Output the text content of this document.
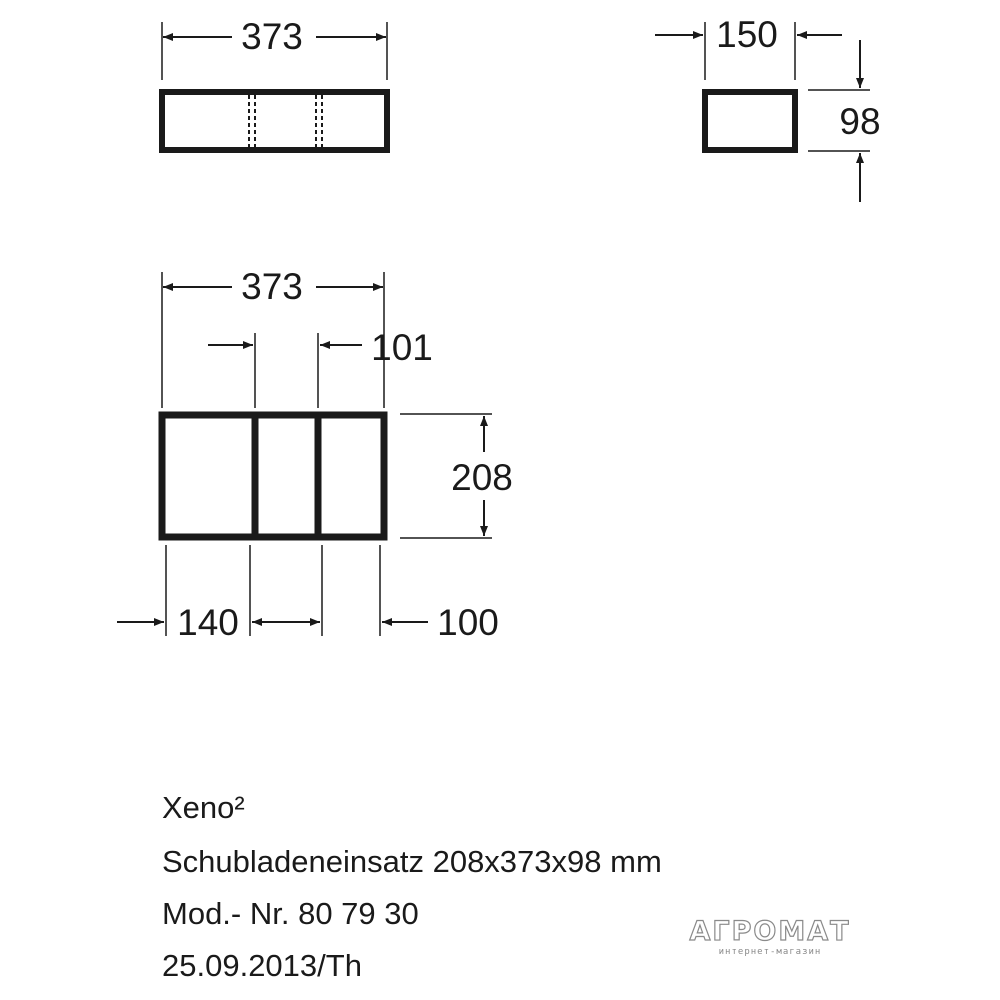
373	150
98
373
101
208
140	100

Xeno²

Schubladeneinsatz 208x373x98 mm

Mod.- Nr. 80 79 30

25.09.2013/Th

АГРОМАТ
интернет-магазин
